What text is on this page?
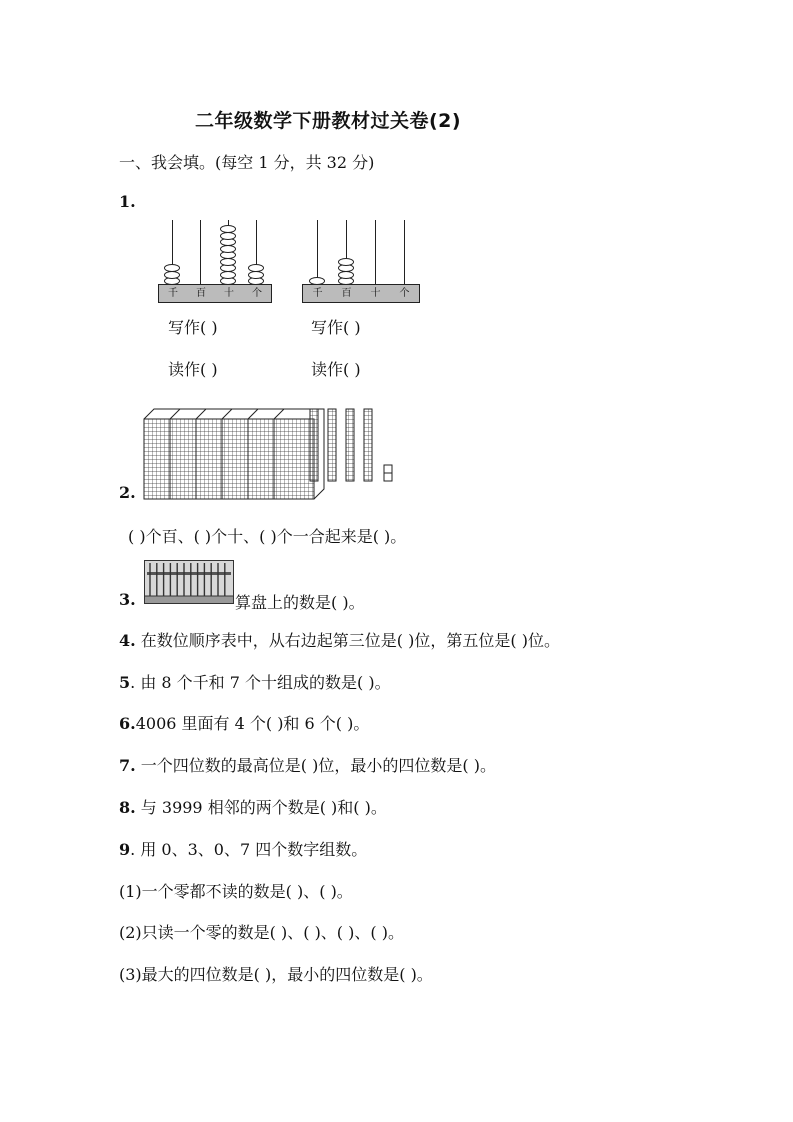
二年级数学下册教材过关卷(2)
一、我会填。(每空 1 分，共 32 分)
1.
千	百	十	个	千	百	十	个
写作( )	写作( )
读作( )	读作( )
2.
( )个百、( )个十、( )个一合起来是( )。
3.	算盘上的数是( )。
4. 在数位顺序表中，从右边起第三位是( )位，第五位是( )位。
5. 由 8 个千和 7 个十组成的数是( )。
6.4006 里面有 4 个( )和 6 个( )。
7. 一个四位数的最高位是( )位，最小的四位数是( )。
8. 与 3999 相邻的两个数是( )和( )。
9. 用 0、3、0、7 四个数字组数。
(1)一个零都不读的数是( )、( )。
(2)只读一个零的数是( )、( )、( )、( )。
(3)最大的四位数是( )，最小的四位数是( )。
